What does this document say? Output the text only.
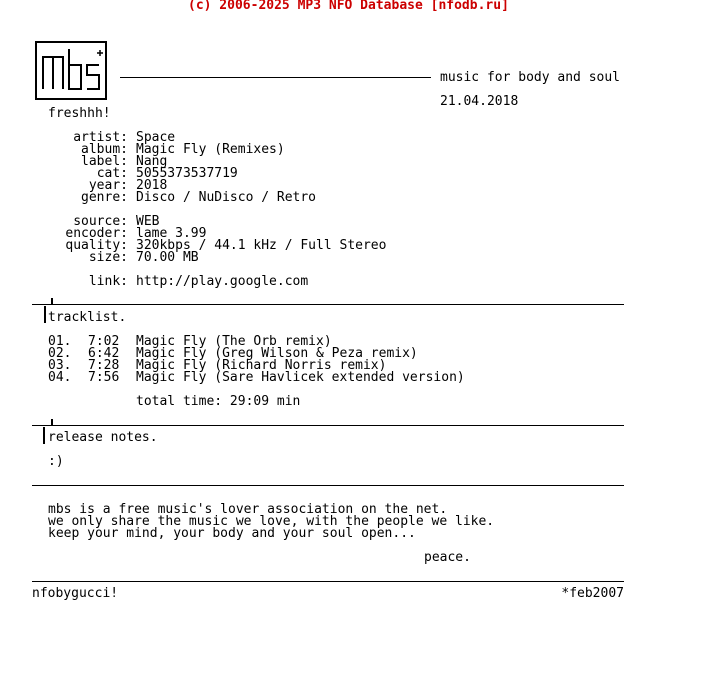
(c) 2006-2025 MP3 NFO Database [nfodb.ru]
music for body and soul
21.04.2018
freshhh!
artist: Space
album: Magic Fly (Remixes)
label: Nang
cat: 5055373537719
year: 2018
genre: Disco / NuDisco / Retro
source: WEB
encoder: lame 3.99
quality: 320kbps / 44.1 kHz / Full Stereo
size: 70.00 MB
link: http://play.google.com
tracklist.
01. 7:02 Magic Fly (The Orb remix)
02. 6:42 Magic Fly (Greg Wilson & Peza remix)
03. 7:28 Magic Fly (Richard Norris remix)
04. 7:56 Magic Fly (Sare Havlicek extended version)
total time: 29:09 min
release notes.
:)
mbs is a free music's lover association on the net.
we only share the music we love, with the people we like.
keep your mind, your body and your soul open...
peace.
nfobygucci!	*feb2007
